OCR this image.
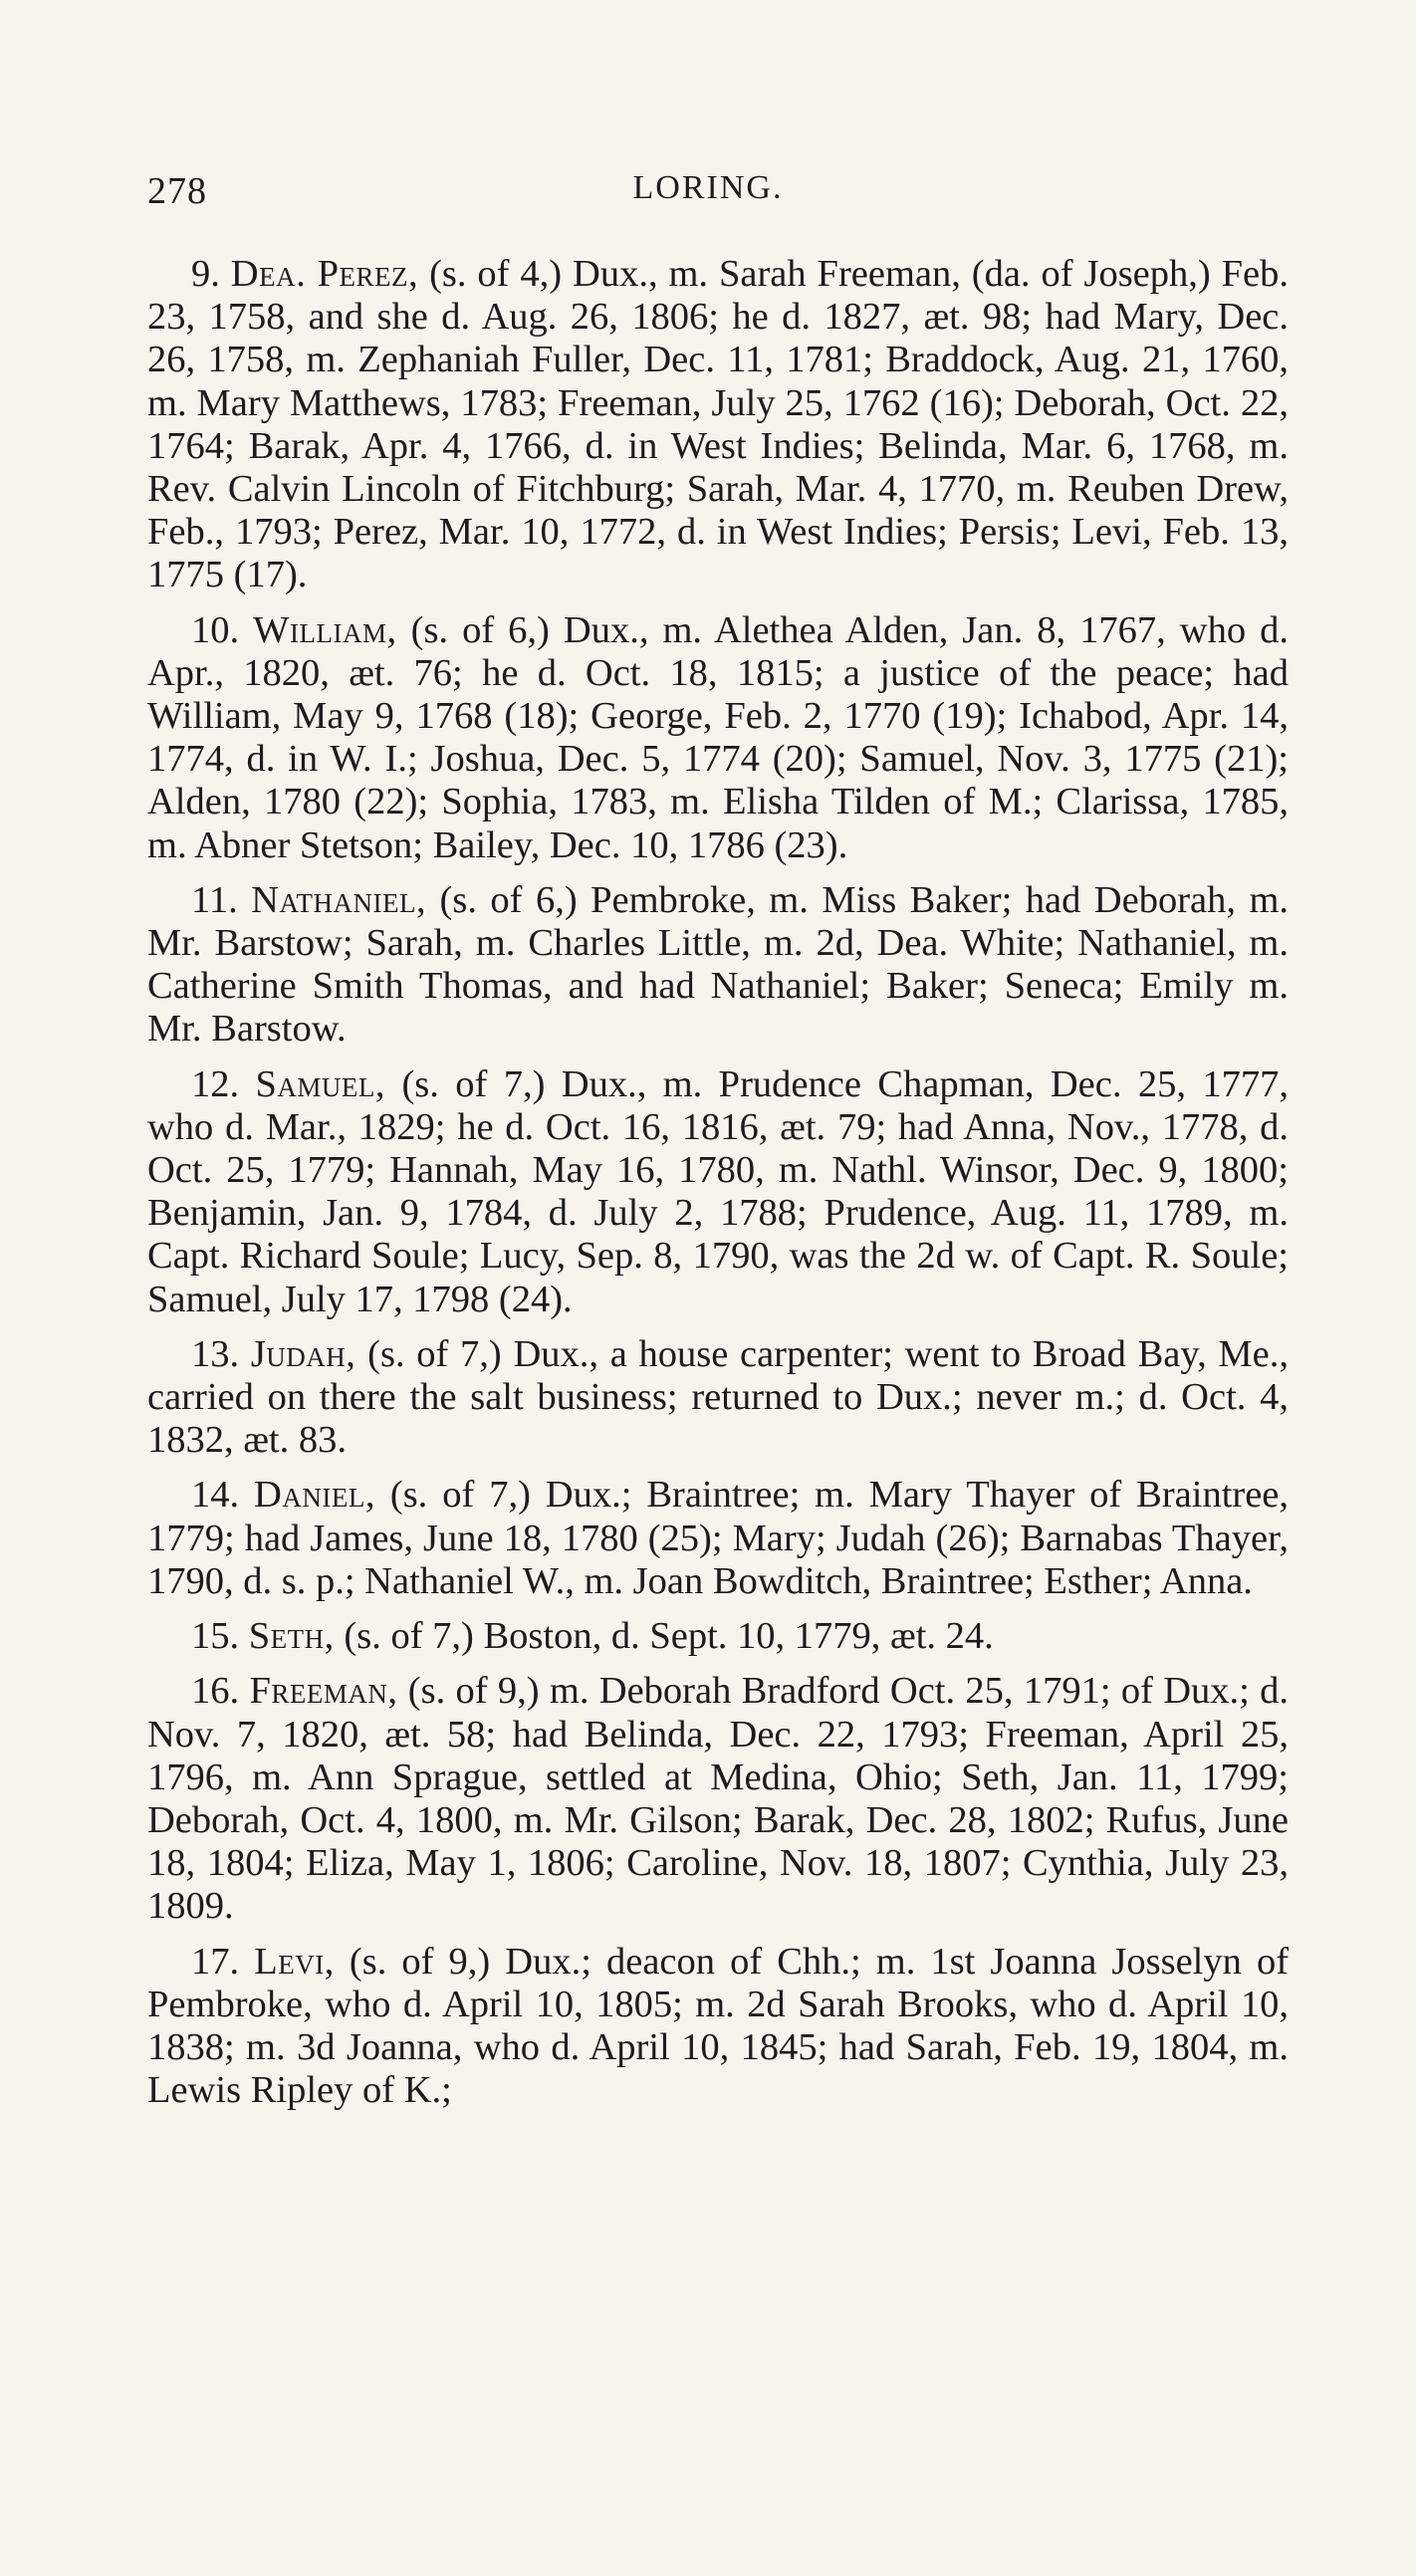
278	LORING.

9. Dea. Perez, (s. of 4,) Dux., m. Sarah Freeman, (da. of Joseph,) Feb. 23, 1758, and she d. Aug. 26, 1806; he d. 1827, æt. 98; had Mary, Dec. 26, 1758, m. Zephaniah Fuller, Dec. 11, 1781; Braddock, Aug. 21, 1760, m. Mary Matthews, 1783; Freeman, July 25, 1762 (16); Deborah, Oct. 22, 1764; Barak, Apr. 4, 1766, d. in West Indies; Belinda, Mar. 6, 1768, m. Rev. Calvin Lincoln of Fitchburg; Sarah, Mar. 4, 1770, m. Reuben Drew, Feb., 1793; Perez, Mar. 10, 1772, d. in West Indies; Persis; Levi, Feb. 13, 1775 (17).

10. William, (s. of 6,) Dux., m. Alethea Alden, Jan. 8, 1767, who d. Apr., 1820, æt. 76; he d. Oct. 18, 1815; a justice of the peace; had William, May 9, 1768 (18); George, Feb. 2, 1770 (19); Ichabod, Apr. 14, 1774, d. in W. I.; Joshua, Dec. 5, 1774 (20); Samuel, Nov. 3, 1775 (21); Alden, 1780 (22); Sophia, 1783, m. Elisha Tilden of M.; Clarissa, 1785, m. Abner Stetson; Bailey, Dec. 10, 1786 (23).

11. Nathaniel, (s. of 6,) Pembroke, m. Miss Baker; had Deborah, m. Mr. Barstow; Sarah, m. Charles Little, m. 2d, Dea. White; Nathaniel, m. Catherine Smith Thomas, and had Nathaniel; Baker; Seneca; Emily m. Mr. Barstow.

12. Samuel, (s. of 7,) Dux., m. Prudence Chapman, Dec. 25, 1777, who d. Mar., 1829; he d. Oct. 16, 1816, æt. 79; had Anna, Nov., 1778, d. Oct. 25, 1779; Hannah, May 16, 1780, m. Nathl. Winsor, Dec. 9, 1800; Benjamin, Jan. 9, 1784, d. July 2, 1788; Prudence, Aug. 11, 1789, m. Capt. Richard Soule; Lucy, Sep. 8, 1790, was the 2d w. of Capt. R. Soule; Samuel, July 17, 1798 (24).

13. Judah, (s. of 7,) Dux., a house carpenter; went to Broad Bay, Me., carried on there the salt business; returned to Dux.; never m.; d. Oct. 4, 1832, æt. 83.

14. Daniel, (s. of 7,) Dux.; Braintree; m. Mary Thayer of Braintree, 1779; had James, June 18, 1780 (25); Mary; Judah (26); Barnabas Thayer, 1790, d. s. p.; Nathaniel W., m. Joan Bowditch, Braintree; Esther; Anna.

15. Seth, (s. of 7,) Boston, d. Sept. 10, 1779, æt. 24.

16. Freeman, (s. of 9,) m. Deborah Bradford Oct. 25, 1791; of Dux.; d. Nov. 7, 1820, æt. 58; had Belinda, Dec. 22, 1793; Freeman, April 25, 1796, m. Ann Sprague, settled at Medina, Ohio; Seth, Jan. 11, 1799; Deborah, Oct. 4, 1800, m. Mr. Gilson; Barak, Dec. 28, 1802; Rufus, June 18, 1804; Eliza, May 1, 1806; Caroline, Nov. 18, 1807; Cynthia, July 23, 1809.

17. Levi, (s. of 9,) Dux.; deacon of Chh.; m. 1st Joanna Josselyn of Pembroke, who d. April 10, 1805; m. 2d Sarah Brooks, who d. April 10, 1838; m. 3d Joanna, who d. April 10, 1845; had Sarah, Feb. 19, 1804, m. Lewis Ripley of K.;
